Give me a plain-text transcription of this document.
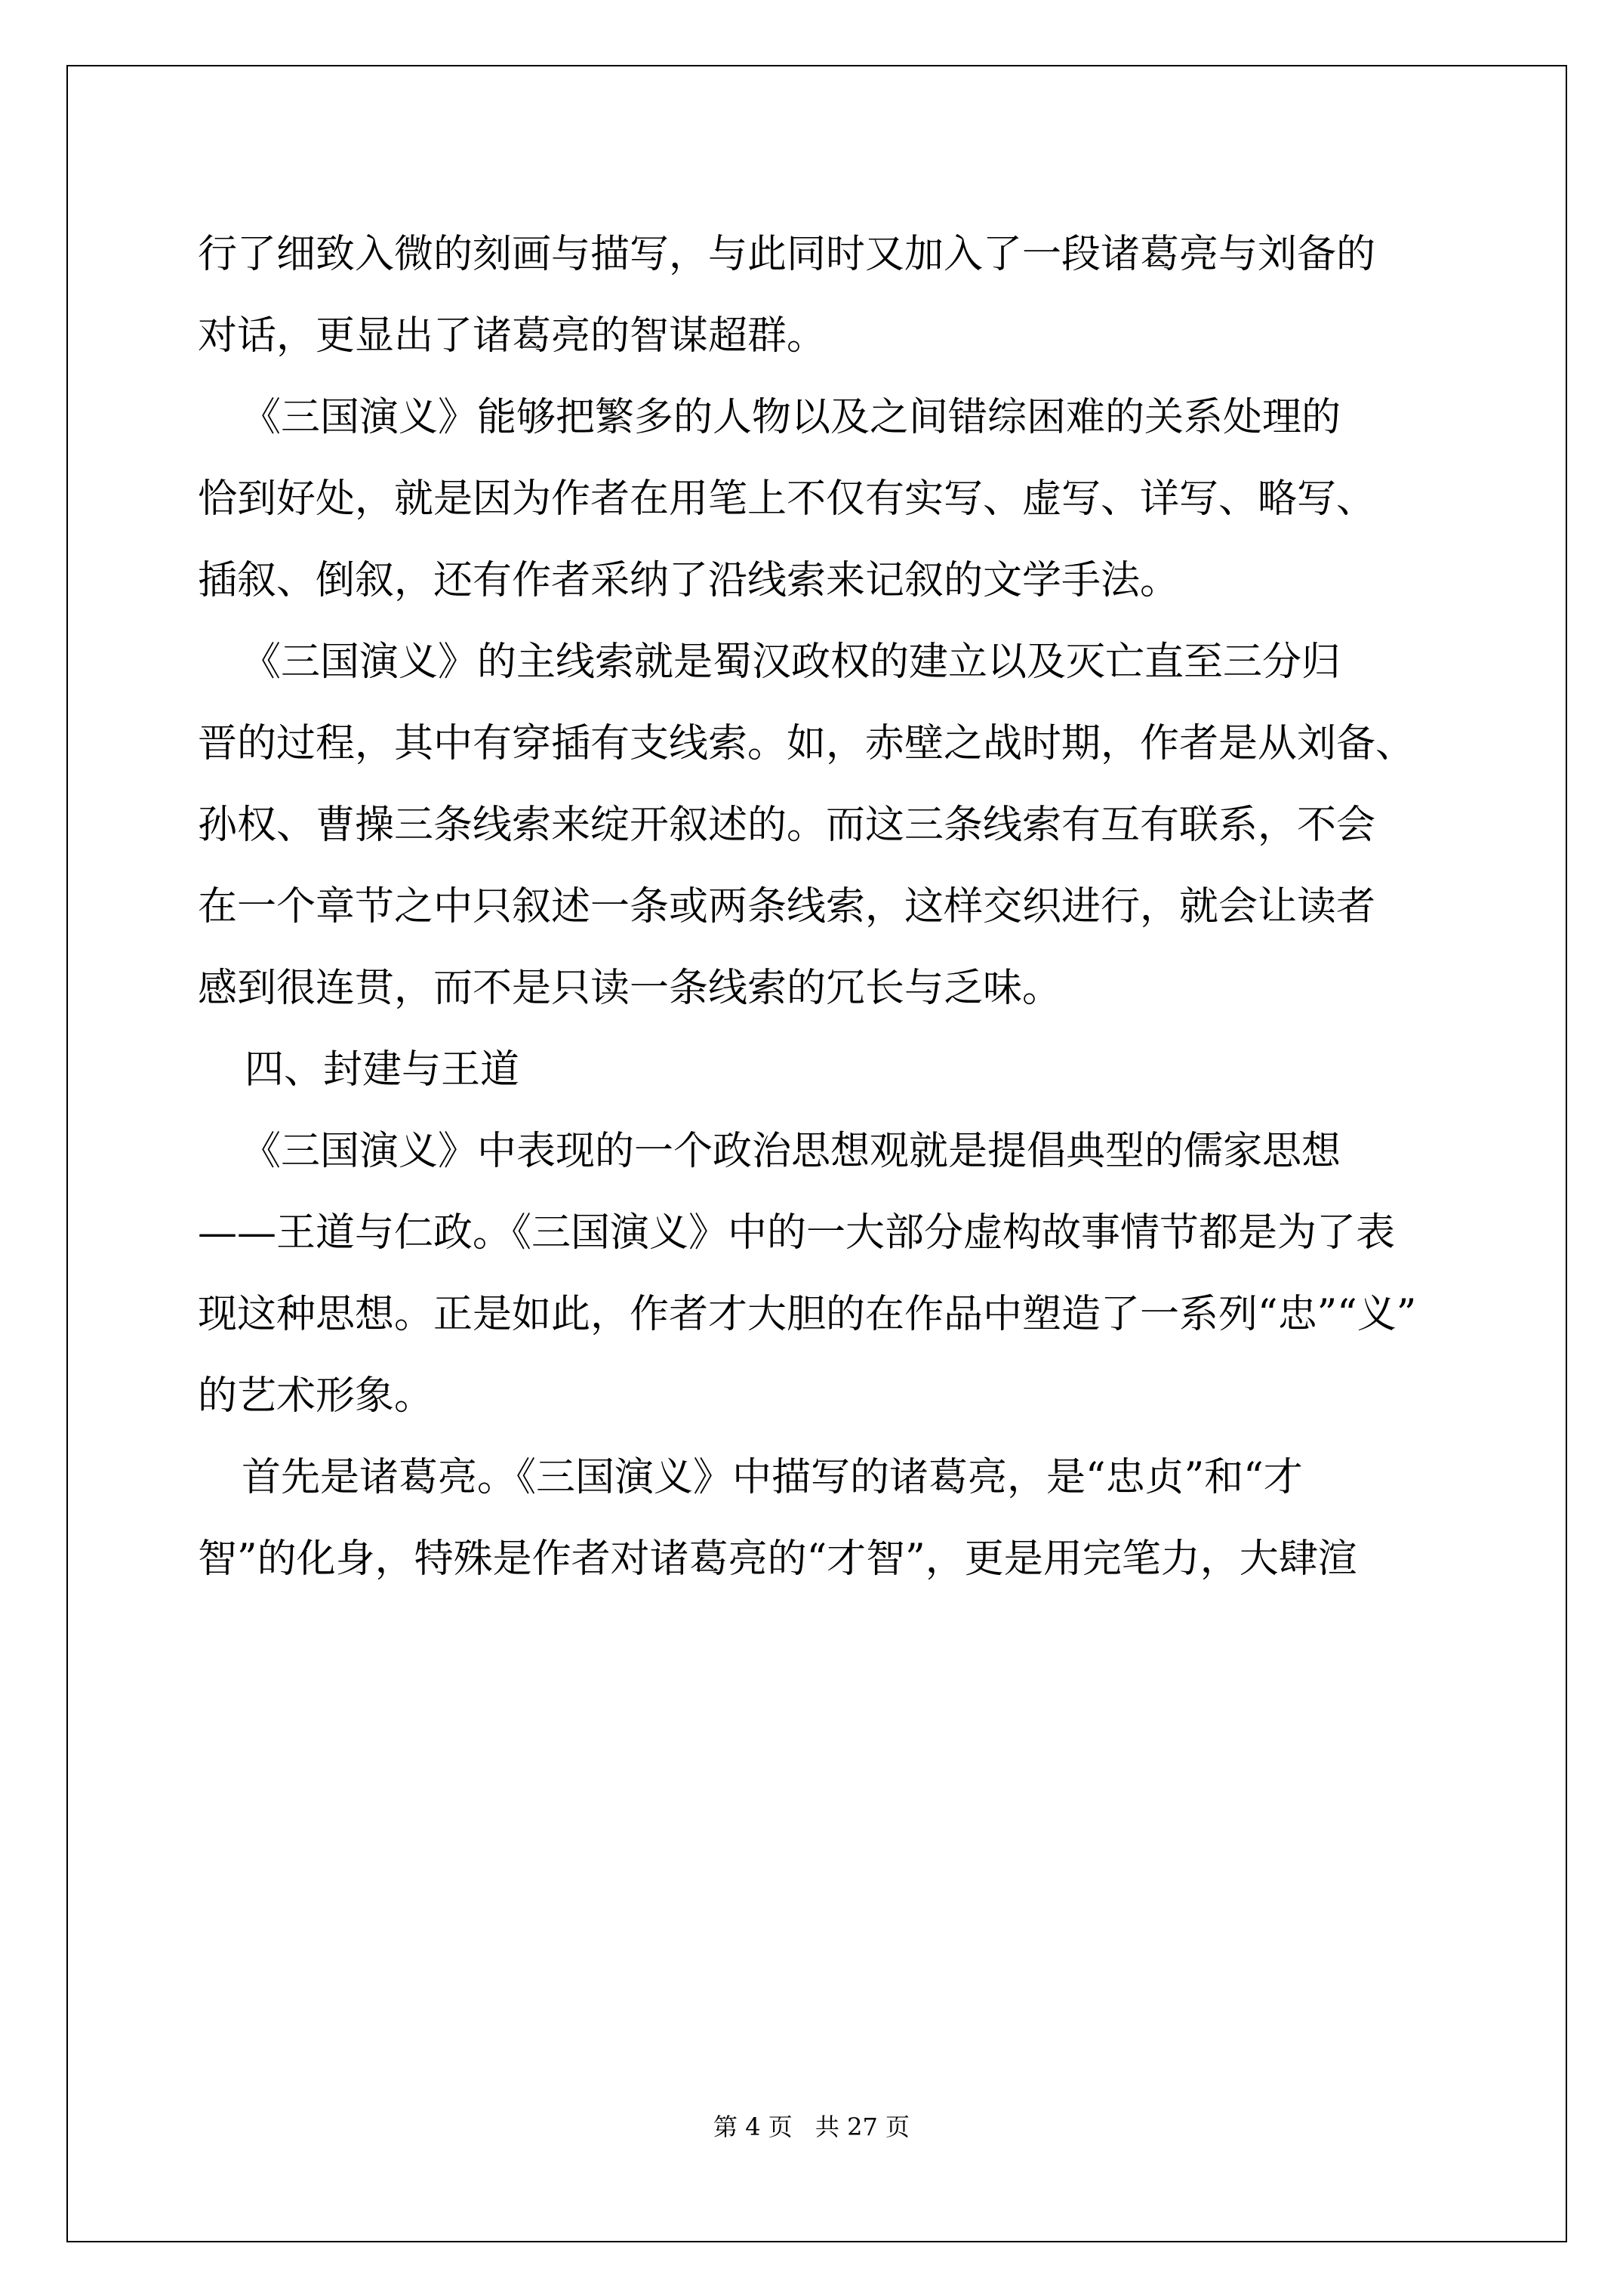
行了细致入微的刻画与描写，与此同时又加入了一段诸葛亮与刘备的
对话，更显出了诸葛亮的智谋超群。
《三国演义》能够把繁多的人物以及之间错综困难的关系处理的
恰到好处，就是因为作者在用笔上不仅有实写、虚写、详写、略写、
插叙、倒叙，还有作者采纳了沿线索来记叙的文学手法。
《三国演义》的主线索就是蜀汉政权的建立以及灭亡直至三分归
晋的过程，其中有穿插有支线索。如，赤壁之战时期，作者是从刘备、
孙权、曹操三条线索来绽开叙述的。而这三条线索有互有联系，不会
在一个章节之中只叙述一条或两条线索，这样交织进行，就会让读者
感到很连贯，而不是只读一条线索的冗长与乏味。
四、封建与王道
《三国演义》中表现的一个政治思想观就是提倡典型的儒家思想
——王道与仁政。《三国演义》中的一大部分虚构故事情节都是为了表
现这种思想。正是如此，作者才大胆的在作品中塑造了一系列“忠”“义”
的艺术形象。
首先是诸葛亮。《三国演义》中描写的诸葛亮，是“忠贞”和“才
智”的化身，特殊是作者对诸葛亮的“才智”，更是用完笔力，大肆渲
第 4 页 共 27 页
